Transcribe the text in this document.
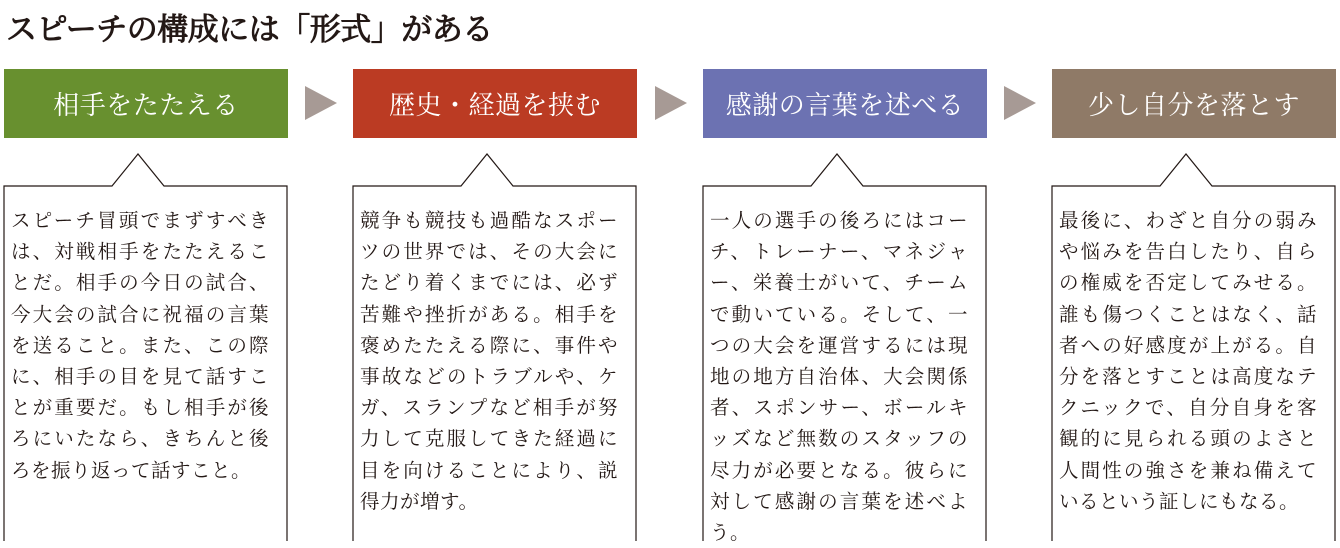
スピーチの構成には「形式」がある
相手をたたえる	歴史・経過を挟む	感謝の言葉を述べる	少し自分を落とす
スピーチ冒頭でまずすべきは、対戦相手をたたえることだ。相手の今日の試合、今大会の試合に祝福の言葉を送ること。また、この際に、相手の目を見て話すことが重要だ。もし相手が後ろにいたなら、きちんと後ろを振り返って話すこと。
競争も競技も過酷なスポーツの世界では、その大会にたどり着くまでには、必ず苦難や挫折がある。相手を褒めたたえる際に、事件や事故などのトラブルや、ケガ、スランプなど相手が努力して克服してきた経過に目を向けることにより、説得力が増す。
一人の選手の後ろにはコーチ、トレーナー、マネジャー、栄養士がいて、チームで動いている。そして、一つの大会を運営するには現地の地方自治体、大会関係者、スポンサー、ボールキッズなど無数のスタッフの尽力が必要となる。彼らに対して感謝の言葉を述べよう。
最後に、わざと自分の弱みや悩みを告白したり、自らの権威を否定してみせる。誰も傷つくことはなく、話者への好感度が上がる。自分を落とすことは高度なテクニックで、自分自身を客観的に見られる頭のよさと人間性の強さを兼ね備えているという証しにもなる。
